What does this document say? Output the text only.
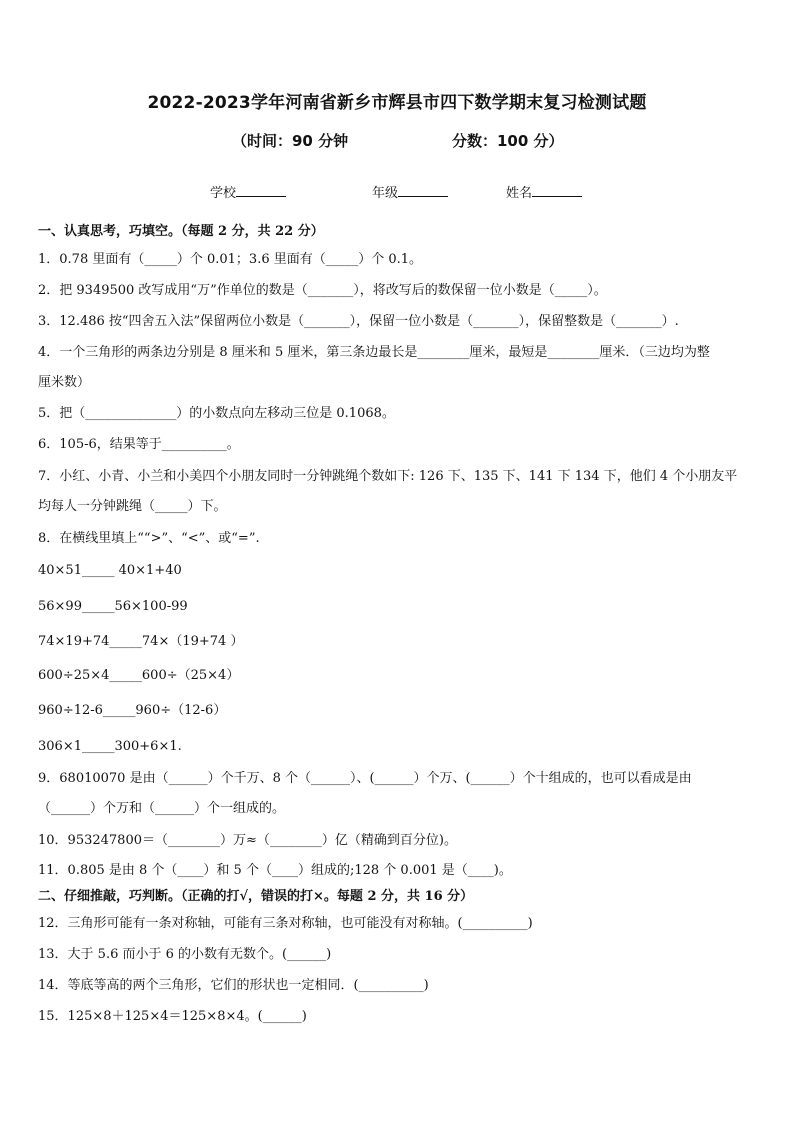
2022-2023学年河南省新乡市辉县市四下数学期末复习检测试题
（时间：90 分钟	分数：100 分）
学校	年级	姓名
一、认真思考，巧填空。（每题 2 分，共 22 分）
1．0.78 里面有（_____）个 0.01；3.6 里面有（_____）个 0.1。
2．把 9349500 改写成用“万”作单位的数是（_______），将改写后的数保留一位小数是（_____）。
3．12.486 按“四舍五入法”保留两位小数是（_______），保留一位小数是（_______），保留整数是（_______）.
4．一个三角形的两条边分别是 8 厘米和 5 厘米，第三条边最长是________厘米，最短是________厘米．（三边均为整
厘米数）
5．把（______________）的小数点向左移动三位是 0.1068。
6．105-6，结果等于__________。
7．小红、小青、小兰和小美四个小朋友同时一分钟跳绳个数如下: 126 下、135 下、141 下 134 下，他们 4 个小朋友平
均每人一分钟跳绳（_____）下。
8．在横线里填上““>”、“<”、或“=”.
40×51_____ 40×1+40
56×99_____56×100-99
74×19+74_____74×（19+74 ）
600÷25×4_____600÷（25×4）
960÷12-6_____960÷（12-6）
306×1_____300+6×1.
9．68010070 是由（______）个千万、8 个（______）、(______）个万、(______）个十组成的，也可以看成是由
（______）个万和（______）个一组成的。
10．953247800＝（________）万≈（________）亿（精确到百分位)。
11．0.805 是由 8 个（____）和 5 个（____）组成的;128 个 0.001 是（____)。
二、仔细推敲，巧判断。（正确的打√，错误的打×。每题 2 分，共 16 分）
12．三角形可能有一条对称轴，可能有三条对称轴，也可能没有对称轴。(__________)
13．大于 5.6 而小于 6 的小数有无数个。(______)
14．等底等高的两个三角形，它们的形状也一定相同．(__________)
15．125×8＋125×4＝125×8×4。(______)
